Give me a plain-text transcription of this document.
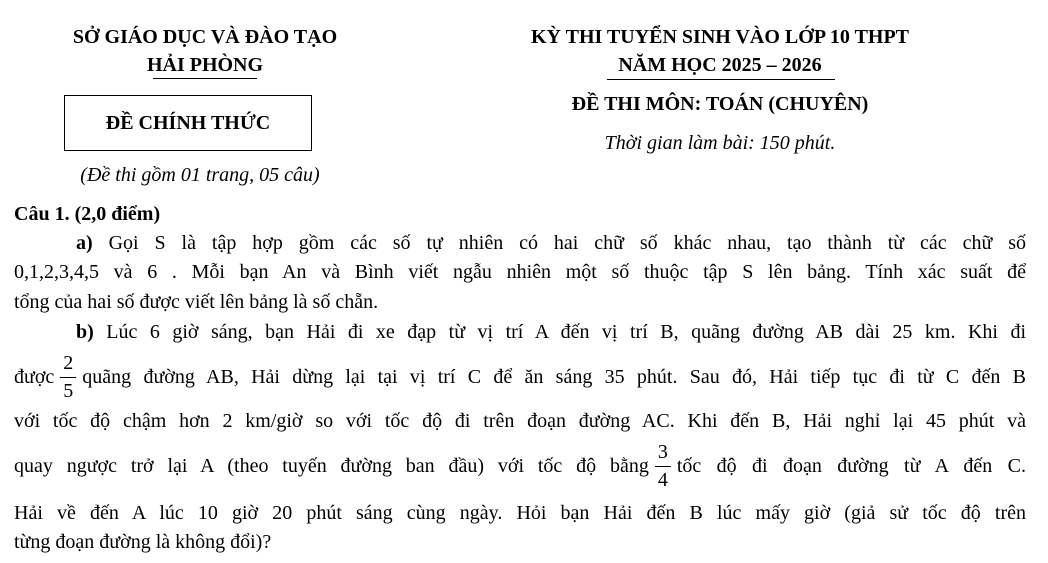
SỞ GIÁO DỤC VÀ ĐÀO TẠO
HẢI PHÒNG
ĐỀ CHÍNH THỨC
(Đề thi gồm 01 trang, 05 câu)
KỲ THI TUYỂN SINH VÀO LỚP 10 THPT
NĂM HỌC 2025 – 2026
ĐỀ THI MÔN: TOÁN (CHUYÊN)
Thời gian làm bài: 150 phút.
Câu 1. (2,0 điểm)
a) Gọi S là tập hợp gồm các số tự nhiên có hai chữ số khác nhau, tạo thành từ các chữ số
0,1,2,3,4,5 và 6 . Mỗi bạn An và Bình viết ngẫu nhiên một số thuộc tập S lên bảng. Tính xác suất để
tổng của hai số được viết lên bảng là số chẵn.
b) Lúc 6 giờ sáng, bạn Hải đi xe đạp từ vị trí A đến vị trí B, quãng đường AB dài 25 km. Khi đi
được $\frac{2}{5}$ quãng đường AB, Hải dừng lại tại vị trí C để ăn sáng 35 phút. Sau đó, Hải tiếp tục đi từ C đến B
với tốc độ chậm hơn 2 km/giờ so với tốc độ đi trên đoạn đường AC. Khi đến B, Hải nghỉ lại 45 phút và
quay ngược trở lại A (theo tuyến đường ban đầu) với tốc độ bằng $\frac{3}{4}$ tốc độ đi đoạn đường từ A đến C.
Hải về đến A lúc 10 giờ 20 phút sáng cùng ngày. Hỏi bạn Hải đến B lúc mấy giờ (giả sử tốc độ trên
từng đoạn đường là không đổi)?
